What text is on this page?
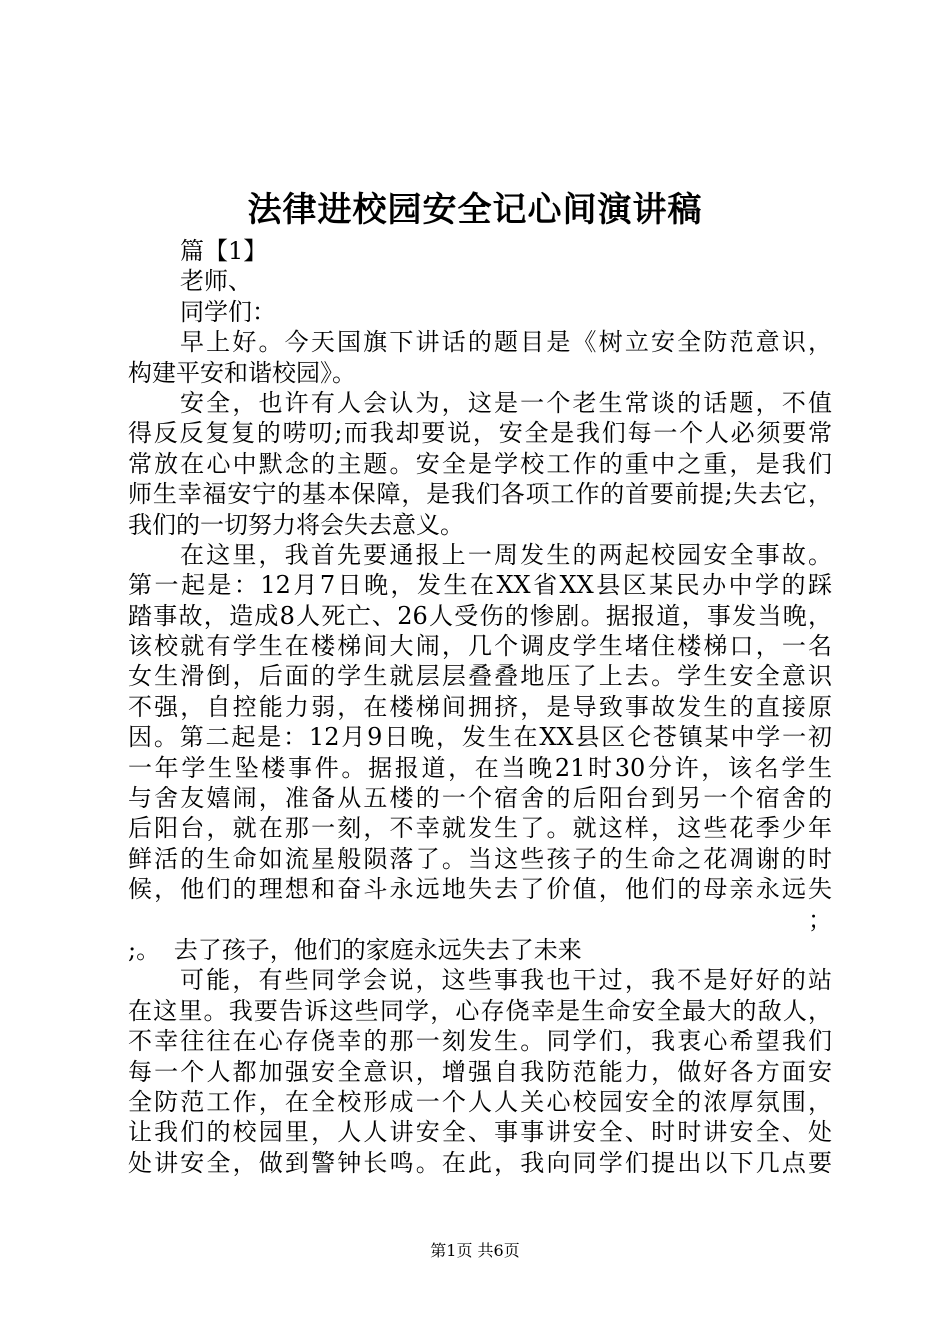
法律进校园安全记心间演讲稿
篇【1】
老师、
同学们：
早上好。今天国旗下讲话的题目是《树立安全防范意识，
构建平安和谐校园》。
安全，也许有人会认为，这是一个老生常谈的话题，不值
得反反复复的唠叨;而我却要说，安全是我们每一个人必须要常
常放在心中默念的主题。安全是学校工作的重中之重，是我们
师生幸福安宁的基本保障，是我们各项工作的首要前提;失去它，
我们的一切努力将会失去意义。
在这里，我首先要通报上一周发生的两起校园安全事故。
第一起是：12月7日晚，发生在XX省XX县区某民办中学的踩
踏事故，造成8人死亡、26人受伤的惨剧。据报道，事发当晚，
该校就有学生在楼梯间大闹，几个调皮学生堵住楼梯口，一名
女生滑倒，后面的学生就层层叠叠地压了上去。学生安全意识
不强，自控能力弱，在楼梯间拥挤，是导致事故发生的直接原
因。第二起是：12月9日晚，发生在XX县区仑苍镇某中学一初
一年学生坠楼事件。据报道，在当晚21时30分许，该名学生
与舍友嬉闹，准备从五楼的一个宿舍的后阳台到另一个宿舍的
后阳台，就在那一刻，不幸就发生了。就这样，这些花季少年
鲜活的生命如流星般陨落了。当这些孩子的生命之花凋谢的时
候，他们的理想和奋斗永远地失去了价值，他们的母亲永远失

去了孩子，他们的家庭永远失去了未来

；

;。
可能，有些同学会说，这些事我也干过，我不是好好的站
在这里。我要告诉这些同学，心存侥幸是生命安全最大的敌人，
不幸往往在心存侥幸的那一刻发生。同学们，我衷心希望我们
每一个人都加强安全意识，增强自我防范能力，做好各方面安
全防范工作，在全校形成一个人人关心校园安全的浓厚氛围，
让我们的校园里，人人讲安全、事事讲安全、时时讲安全、处
处讲安全，做到警钟长鸣。在此，我向同学们提出以下几点要
第1页 共6页
